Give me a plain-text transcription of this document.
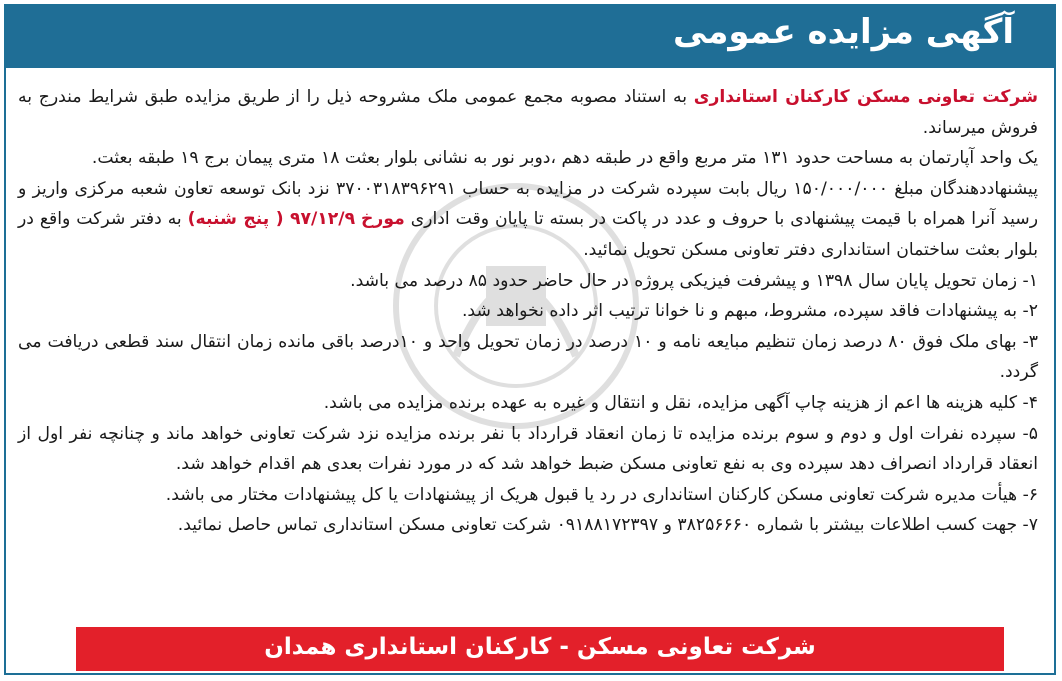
آگهی مزایده عمومی

شرکت تعاونی مسکن کارکنان استانداری به استناد مصوبه مجمع عمومی ملک مشروحه ذیل را از طریق مزایده طبق شرایط مندرج به فروش میرساند.

یک واحد آپارتمان به مساحت حدود ۱۳۱ متر مربع واقع در طبقه دهم ،دوبر نور به نشانی بلوار بعثت ۱۸ متری پیمان برج ۱۹ طبقه بعثت.

پیشنهاددهندگان مبلغ ۱۵۰/۰۰۰/۰۰۰ ریال بابت سپرده شرکت در مزایده به حساب ۳۷۰۰۳۱۸۳۹۶۲۹۱ نزد بانک توسعه تعاون شعبه مرکزی واریز و رسید آنرا همراه با قیمت پیشنهادی با حروف و عدد در پاکت در بسته تا پایان وقت اداری مورخ ۹۷/۱۲/۹ ( پنج شنبه) به دفتر شرکت واقع در بلوار بعثت ساختمان استانداری دفتر تعاونی مسکن تحویل نمائید.

۱- زمان تحویل پایان سال ۱۳۹۸ و پیشرفت فیزیکی پروژه در حال حاضر حدود ۸۵ درصد می باشد.

۲- به پیشنهادات فاقد سپرده، مشروط، مبهم و نا خوانا ترتیب اثر داده نخواهد شد.

۳- بهای ملک فوق ۸۰ درصد زمان تنظیم مبایعه نامه و ۱۰ درصد در زمان تحویل واحد و ۱۰درصد باقی مانده زمان انتقال سند قطعی دریافت می گردد.

۴- کلیه هزینه ها اعم از هزینه چاپ آگهی مزایده، نقل و انتقال و غیره به عهده برنده مزایده می باشد.

۵- سپرده نفرات اول و دوم و سوم برنده مزایده تا زمان انعقاد قرارداد با نفر برنده مزایده نزد شرکت تعاونی خواهد ماند و چنانچه نفر اول از انعقاد قرارداد انصراف دهد سپرده وی به نفع تعاونی مسکن ضبط خواهد شد که در مورد نفرات بعدی هم اقدام خواهد شد.

۶- هیأت مدیره شرکت تعاونی مسکن کارکنان استانداری در رد یا قبول هریک از پیشنهادات یا کل پیشنهادات مختار می باشد.

۷- جهت کسب اطلاعات بیشتر با شماره ۳۸۲۵۶۶۶۰ و ۰۹۱۸۸۱۷۲۳۹۷ شرکت تعاونی مسکن استانداری تماس حاصل نمائید.

شرکت تعاونی مسکن - کارکنان استانداری همدان
